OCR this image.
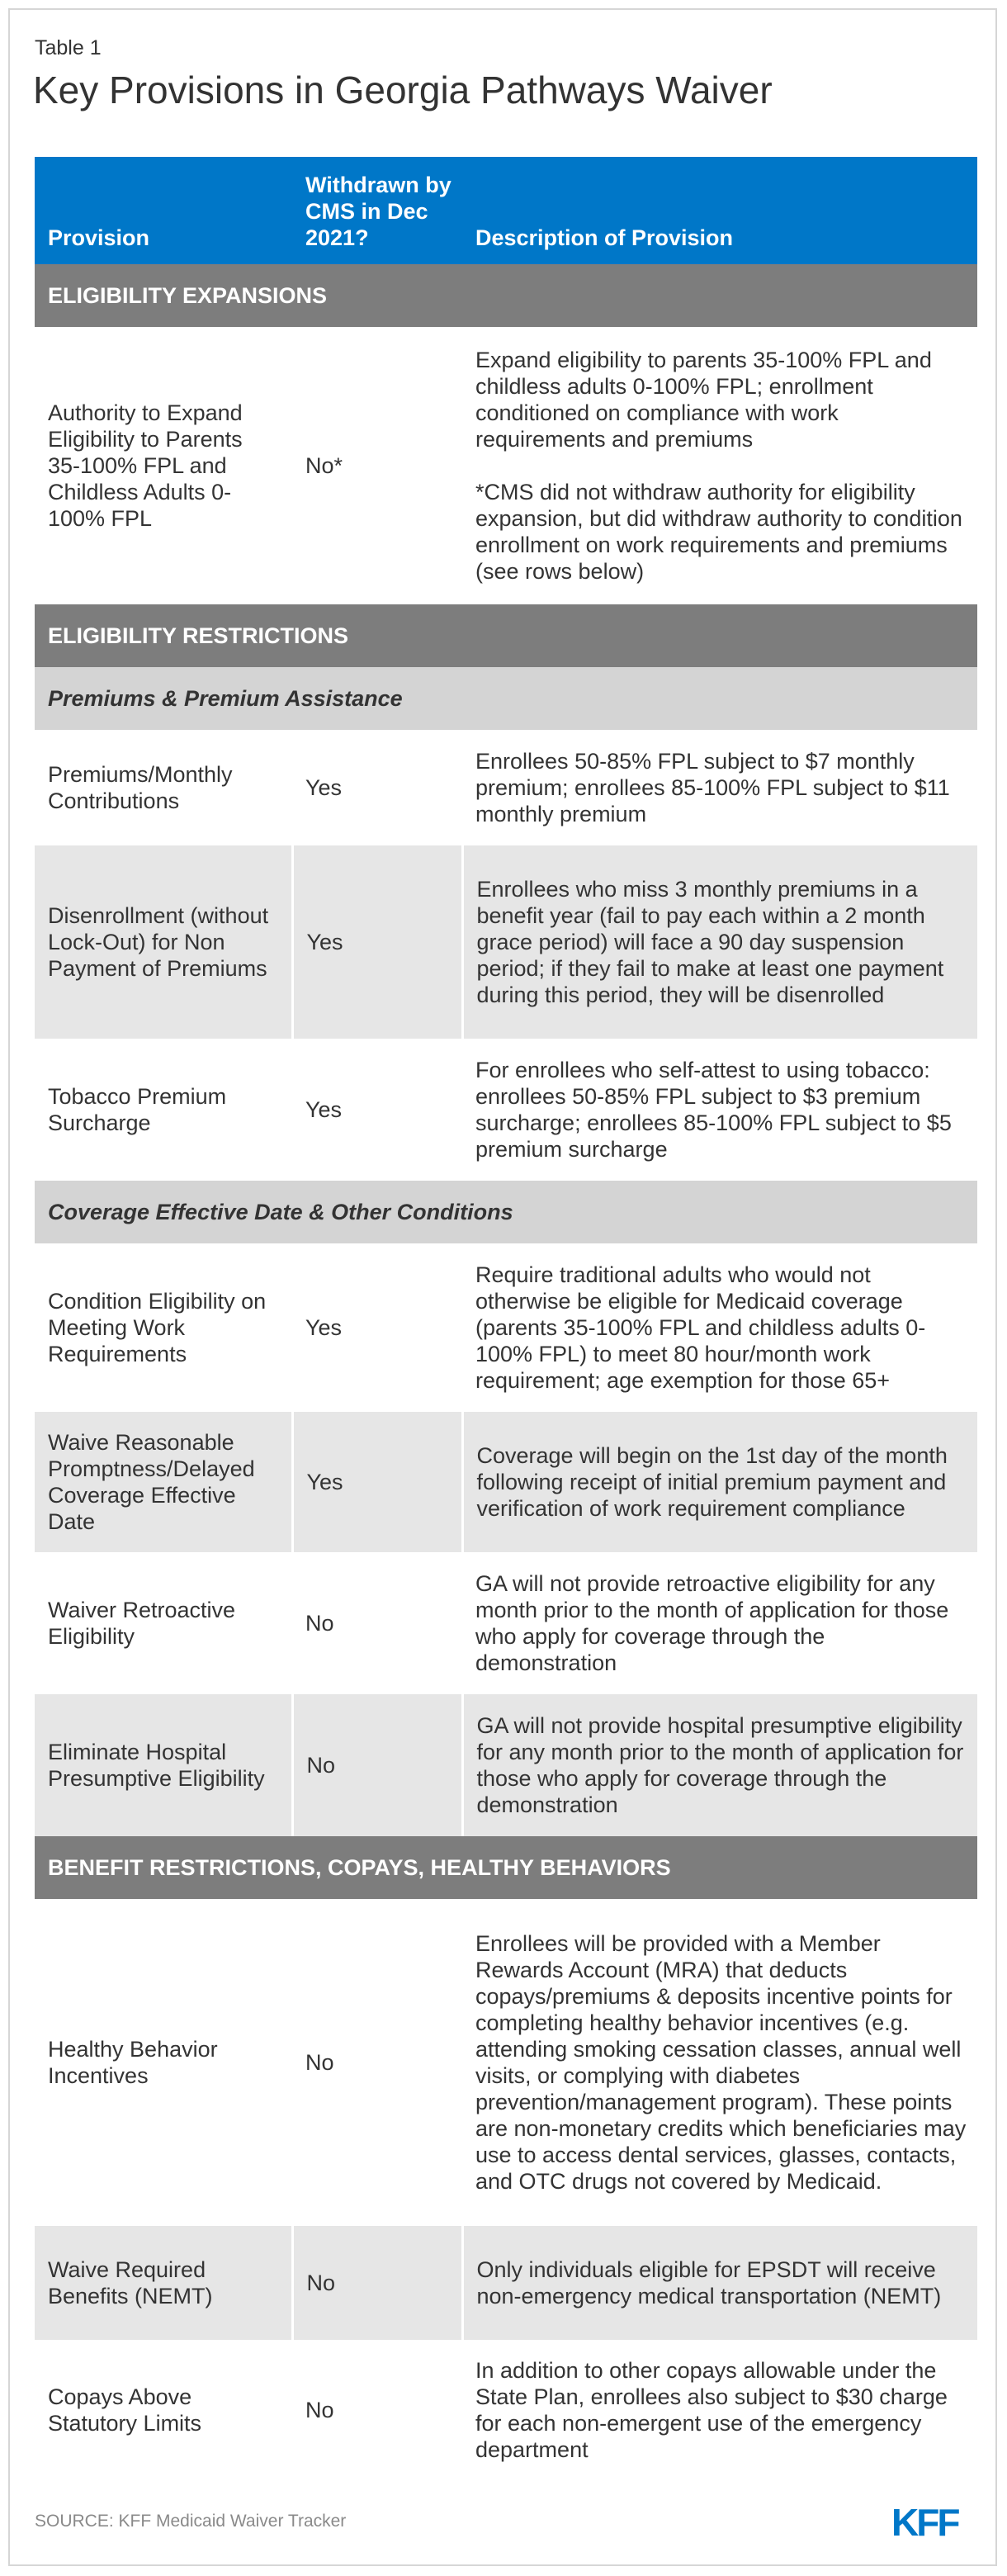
Table 1
Key Provisions in Georgia Pathways Waiver
Provision	Withdrawn by CMS in Dec 2021?	Description of Provision
ELIGIBILITY EXPANSIONS		
Authority to Expand Eligibility to Parents 35-100% FPL and Childless Adults 0-100% FPL	No*	Expand eligibility to parents 35-100% FPL and childless adults 0-100% FPL; enrollment conditioned on compliance with work requirements and premiums
*CMS did not withdraw authority for eligibility expansion, but did withdraw authority to condition enrollment on work requirements and premiums (see rows below)

ELIGIBILITY RESTRICTIONS		
Premiums & Premium Assistance		
Premiums/Monthly Contributions	Yes	Enrollees 50-85% FPL subject to $7 monthly premium; enrollees 85-100% FPL subject to $11 monthly premium
Disenrollment (without Lock-Out) for Non Payment of Premiums	Yes	Enrollees who miss 3 monthly premiums in a benefit year (fail to pay each within a 2 month grace period) will face a 90 day suspension period; if they fail to make at least one payment during this period, they will be disenrolled
Tobacco Premium Surcharge	Yes	For enrollees who self-attest to using tobacco: enrollees 50-85% FPL subject to $3 premium surcharge; enrollees 85-100% FPL subject to $5 premium surcharge
Coverage Effective Date & Other Conditions		
Condition Eligibility on Meeting Work Requirements	Yes	Require traditional adults who would not otherwise be eligible for Medicaid coverage (parents 35-100% FPL and childless adults 0-100% FPL) to meet 80 hour/month work requirement; age exemption for those 65+
Waive Reasonable Promptness/Delayed Coverage Effective Date	Yes	Coverage will begin on the 1st day of the month following receipt of initial premium payment and verification of work requirement compliance
Waiver Retroactive Eligibility	No	GA will not provide retroactive eligibility for any month prior to the month of application for those who apply for coverage through the demonstration
Eliminate Hospital Presumptive Eligibility	No	GA will not provide hospital presumptive eligibility for any month prior to the month of application for those who apply for coverage through the demonstration
BENEFIT RESTRICTIONS, COPAYS, HEALTHY BEHAVIORS		
Healthy Behavior Incentives	No	Enrollees will be provided with a Member Rewards Account (MRA) that deducts copays/premiums & deposits incentive points for completing healthy behavior incentives (e.g. attending smoking cessation classes, annual well visits, or complying with diabetes prevention/management program). These points are non-monetary credits which beneficiaries may use to access dental services, glasses, contacts, and OTC drugs not covered by Medicaid.
Waive Required Benefits (NEMT)	No	Only individuals eligible for EPSDT will receive non-emergency medical transportation (NEMT)
Copays Above Statutory Limits	No	In addition to other copays allowable under the State Plan, enrollees also subject to $30 charge for each non-emergent use of the emergency department
SOURCE: KFF Medicaid Waiver Tracker	KFF
